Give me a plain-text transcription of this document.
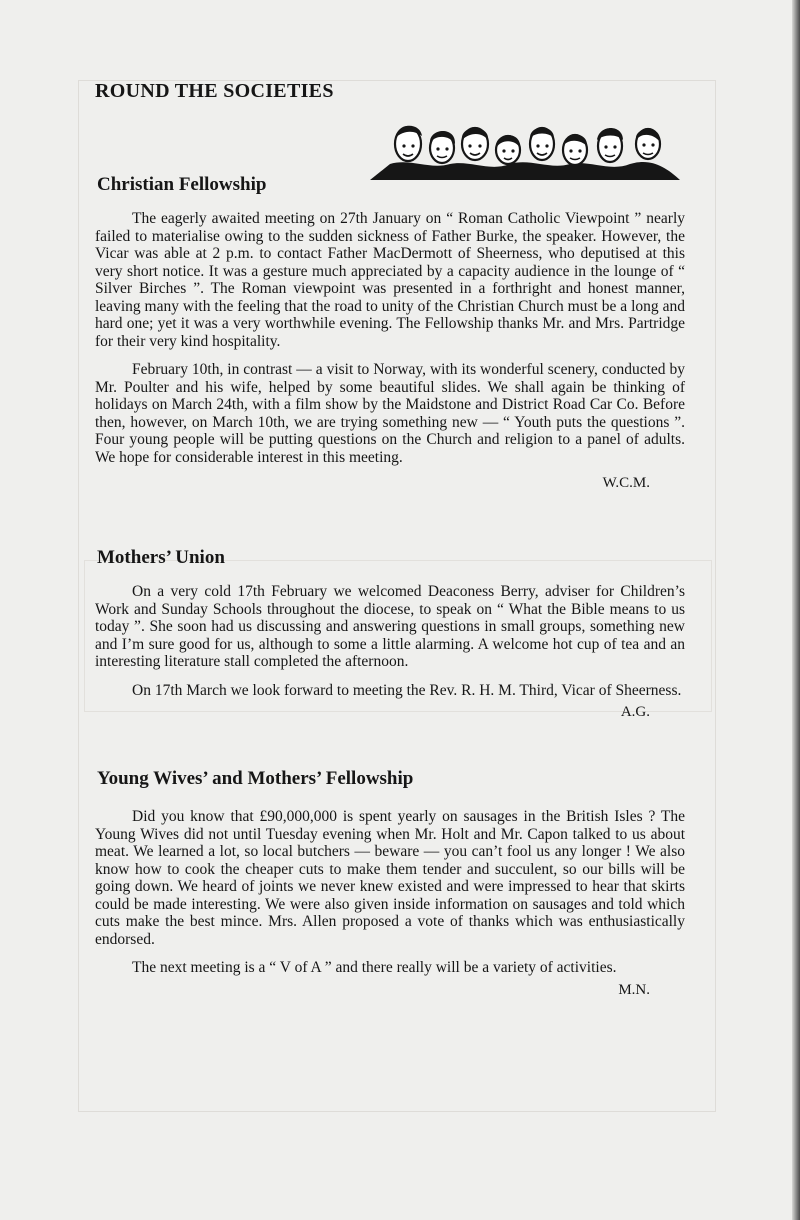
ROUND THE SOCIETIES
Christian Fellowship

The eagerly awaited meeting on 27th January on “ Roman Catholic Viewpoint ” nearly failed to materialise owing to the sudden sickness of Father Burke, the speaker. However, the Vicar was able at 2 p.m. to contact Father MacDermott of Sheerness, who deputised at this very short notice. It was a gesture much appreciated by a capacity audience in the lounge of “ Silver Birches ”. The Roman viewpoint was presented in a forthright and honest manner, leaving many with the feeling that the road to unity of the Christian Church must be a long and hard one; yet it was a very worthwhile evening. The Fellowship thanks Mr. and Mrs. Partridge for their very kind hospitality.

February 10th, in contrast — a visit to Norway, with its wonderful scenery, conducted by Mr. Poulter and his wife, helped by some beautiful slides. We shall again be thinking of holidays on March 24th, with a film show by the Maidstone and District Road Car Co. Before then, however, on March 10th, we are trying something new — “ Youth puts the questions ”. Four young people will be putting questions on the Church and religion to a panel of adults. We hope for considerable interest in this meeting.

W.C.M.
Mothers’ Union

On a very cold 17th February we welcomed Deaconess Berry, adviser for Children’s Work and Sunday Schools throughout the diocese, to speak on “ What the Bible means to us today ”. She soon had us discussing and answering questions in small groups, something new and I’m sure good for us, although to some a little alarming. A welcome hot cup of tea and an interesting literature stall completed the afternoon.

On 17th March we look forward to meeting the Rev. R. H. M. Third, Vicar of Sheerness.

A.G.
Young Wives’ and Mothers’ Fellowship

Did you know that £90,000,000 is spent yearly on sausages in the British Isles ? The Young Wives did not until Tuesday evening when Mr. Holt and Mr. Capon talked to us about meat. We learned a lot, so local butchers — beware — you can’t fool us any longer ! We also know how to cook the cheaper cuts to make them tender and succulent, so our bills will be going down. We heard of joints we never knew existed and were impressed to hear that skirts could be made interesting. We were also given inside information on sausages and told which cuts make the best mince. Mrs. Allen proposed a vote of thanks which was enthusiastically endorsed.

The next meeting is a “ V of A ” and there really will be a variety of activities.

M.N.
